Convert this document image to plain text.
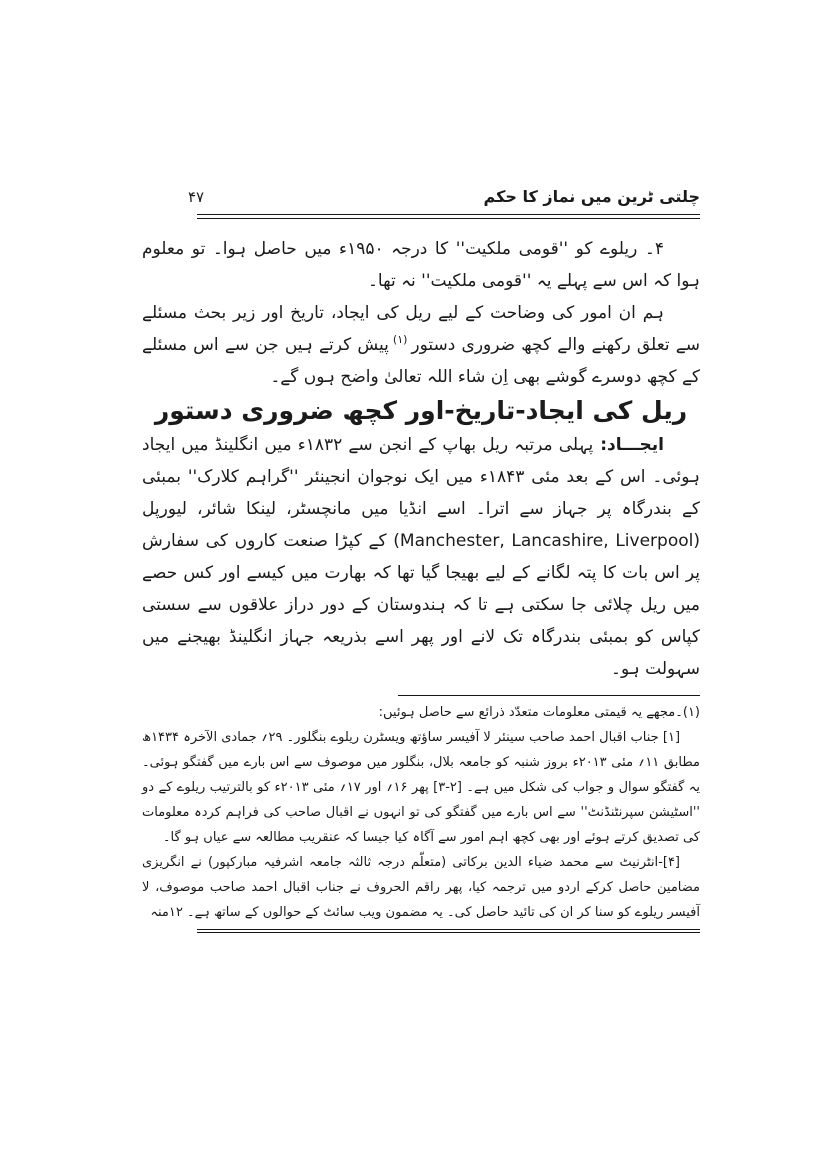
چلتی ٹرین میں نماز کا حکم
۴۷

۴۔ ریلوے کو ''قومی ملکیت'' کا درجہ ۱۹۵۰ء میں حاصل ہوا۔ تو معلوم ہوا کہ اس سے پہلے یہ ''قومی ملکیت'' نہ تھا۔

ہم ان امور کی وضاحت کے لیے ریل کی ایجاد، تاریخ اور زیر بحث مسئلے سے تعلق رکھنے والے کچھ ضروری دستور$^{(۱)}$پیش کرتے ہیں جن سے اس مسئلے کے کچھ دوسرے گوشے بھی اِن شاء اللہ تعالیٰ واضح ہوں گے۔

ریل کی ایجاد-تاریخ-اور کچھ ضروری دستور

ایجـــاد:پہلی مرتبہ ریل بھاپ کے انجن سے ۱۸۳۲ء میں انگلینڈ میں ایجاد ہوئی۔ اس کے بعد مئی ۱۸۴۳ء میں ایک نوجوان انجینئر ''گراہم کلارک'' بمبئی کے بندرگاہ پر جہاز سے اترا۔ اسے انڈیا میں مانچسٹر، لینکا شائر، لیورپل (Manchester, Lancashire, Liverpool) کے کپڑا صنعت کاروں کی سفارش پر اس بات کا پتہ لگانے کے لیے بھیجا گیا تھا کہ بھارت میں کیسے اور کس حصے میں ریل چلائی جا سکتی ہے تا کہ ہندوستان کے دور دراز علاقوں سے سستی کپاس کو بمبئی بندرگاہ تک لانے اور پھر اسے بذریعہ جہاز انگلینڈ بھیجنے میں سہولت ہو۔

(۱)۔مجھے یہ قیمتی معلومات متعدّد ذرائع سے حاصل ہوئیں:

[۱] جناب اقبال احمد صاحب سینئر لا آفیسر ساؤتھ ویسٹرن ریلوے بنگلور۔ ۲۹؍ جمادی الآخرہ ۱۴۳۴ھ مطابق ۱۱؍ مئی ۲۰۱۳ء بروز شنبہ کو جامعہ بلال، بنگلور میں موصوف سے اس بارے میں گفتگو ہوئی۔ یہ گفتگو سوال و جواب کی شکل میں ہے۔ [۲-۳] پھر ۱۶؍ اور ۱۷؍ مئی ۲۰۱۳ء کو بالترتیب ریلوے کے دو ''اسٹیشن سپرنٹنڈنٹ'' سے اس بارے میں گفتگو کی تو انہوں نے اقبال صاحب کی فراہم کردہ معلومات کی تصدیق کرتے ہوئے اور بھی کچھ اہم امور سے آگاہ کیا جیسا کہ عنقریب مطالعہ سے عیاں ہو گا۔

[۴]-انٹرنیٹ سے محمد ضیاء الدین برکاتی (متعلّم درجہ ثالثہ جامعہ اشرفیہ مبارکپور) نے انگریزی مضامین حاصل کرکے اردو میں ترجمہ کیا، پھر راقم الحروف نے جناب اقبال احمد صاحب موصوف، لا آفیسر ریلوے کو سنا کر ان کی تائید حاصل کی۔ یہ مضمون ویب سائٹ کے حوالوں کے ساتھ ہے۔ ۱۲منہ
